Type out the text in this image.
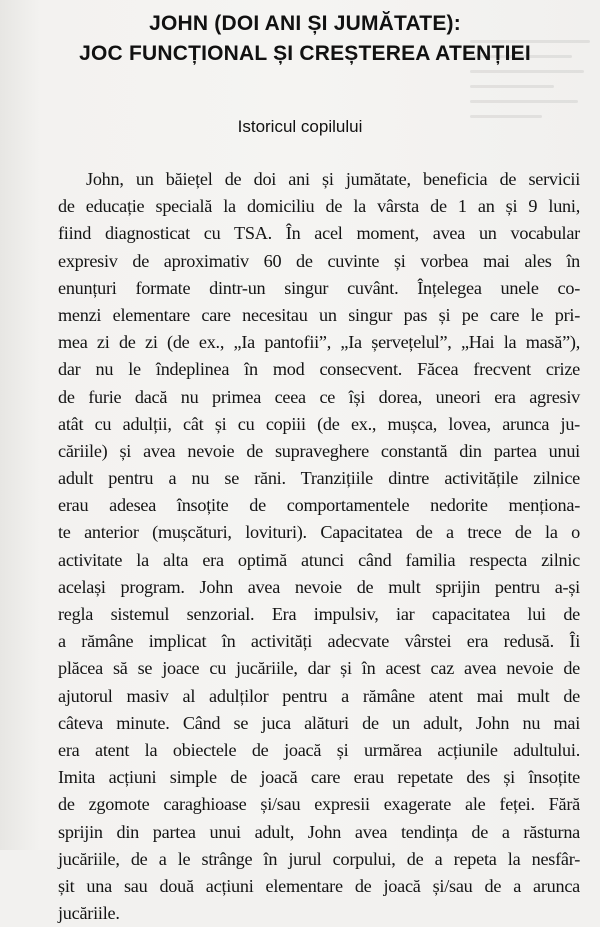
JOHN (DOI ANI ȘI JUMĂTATE):
JOC FUNCȚIONAL ȘI CREȘTEREA ATENȚIEI
Istoricul copilului
John, un băiețel de doi ani și jumătate, beneficia de servicii
de educație specială la domiciliu de la vârsta de 1 an și 9 luni,
fiind diagnosticat cu TSA. În acel moment, avea un vocabular
expresiv de aproximativ 60 de cuvinte și vorbea mai ales în
enunțuri formate dintr-un singur cuvânt. Înțelegea unele co-
menzi elementare care necesitau un singur pas și pe care le pri-
mea zi de zi (de ex., „Ia pantofii”, „Ia șervețelul”, „Hai la masă”),
dar nu le îndeplinea în mod consecvent. Făcea frecvent crize
de furie dacă nu primea ceea ce își dorea, uneori era agresiv
atât cu adulții, cât și cu copiii (de ex., mușca, lovea, arunca ju-
căriile) și avea nevoie de supraveghere constantă din partea unui
adult pentru a nu se răni. Tranzițiile dintre activitățile zilnice
erau adesea însoțite de comportamentele nedorite menționa-
te anterior (mușcături, lovituri). Capacitatea de a trece de la o
activitate la alta era optimă atunci când familia respecta zilnic
același program. John avea nevoie de mult sprijin pentru a-și
regla sistemul senzorial. Era impulsiv, iar capacitatea lui de
a rămâne implicat în activități adecvate vârstei era redusă. Îi
plăcea să se joace cu jucăriile, dar și în acest caz avea nevoie de
ajutorul masiv al adulților pentru a rămâne atent mai mult de
câteva minute. Când se juca alături de un adult, John nu mai
era atent la obiectele de joacă și urmărea acțiunile adultului.
Imita acțiuni simple de joacă care erau repetate des și însoțite
de zgomote caraghioase și/sau expresii exagerate ale feței. Fără
sprijin din partea unui adult, John avea tendința de a răsturna
jucăriile, de a le strânge în jurul corpului, de a repeta la nesfâr-
șit una sau două acțiuni elementare de joacă și/sau de a arunca
jucăriile.
